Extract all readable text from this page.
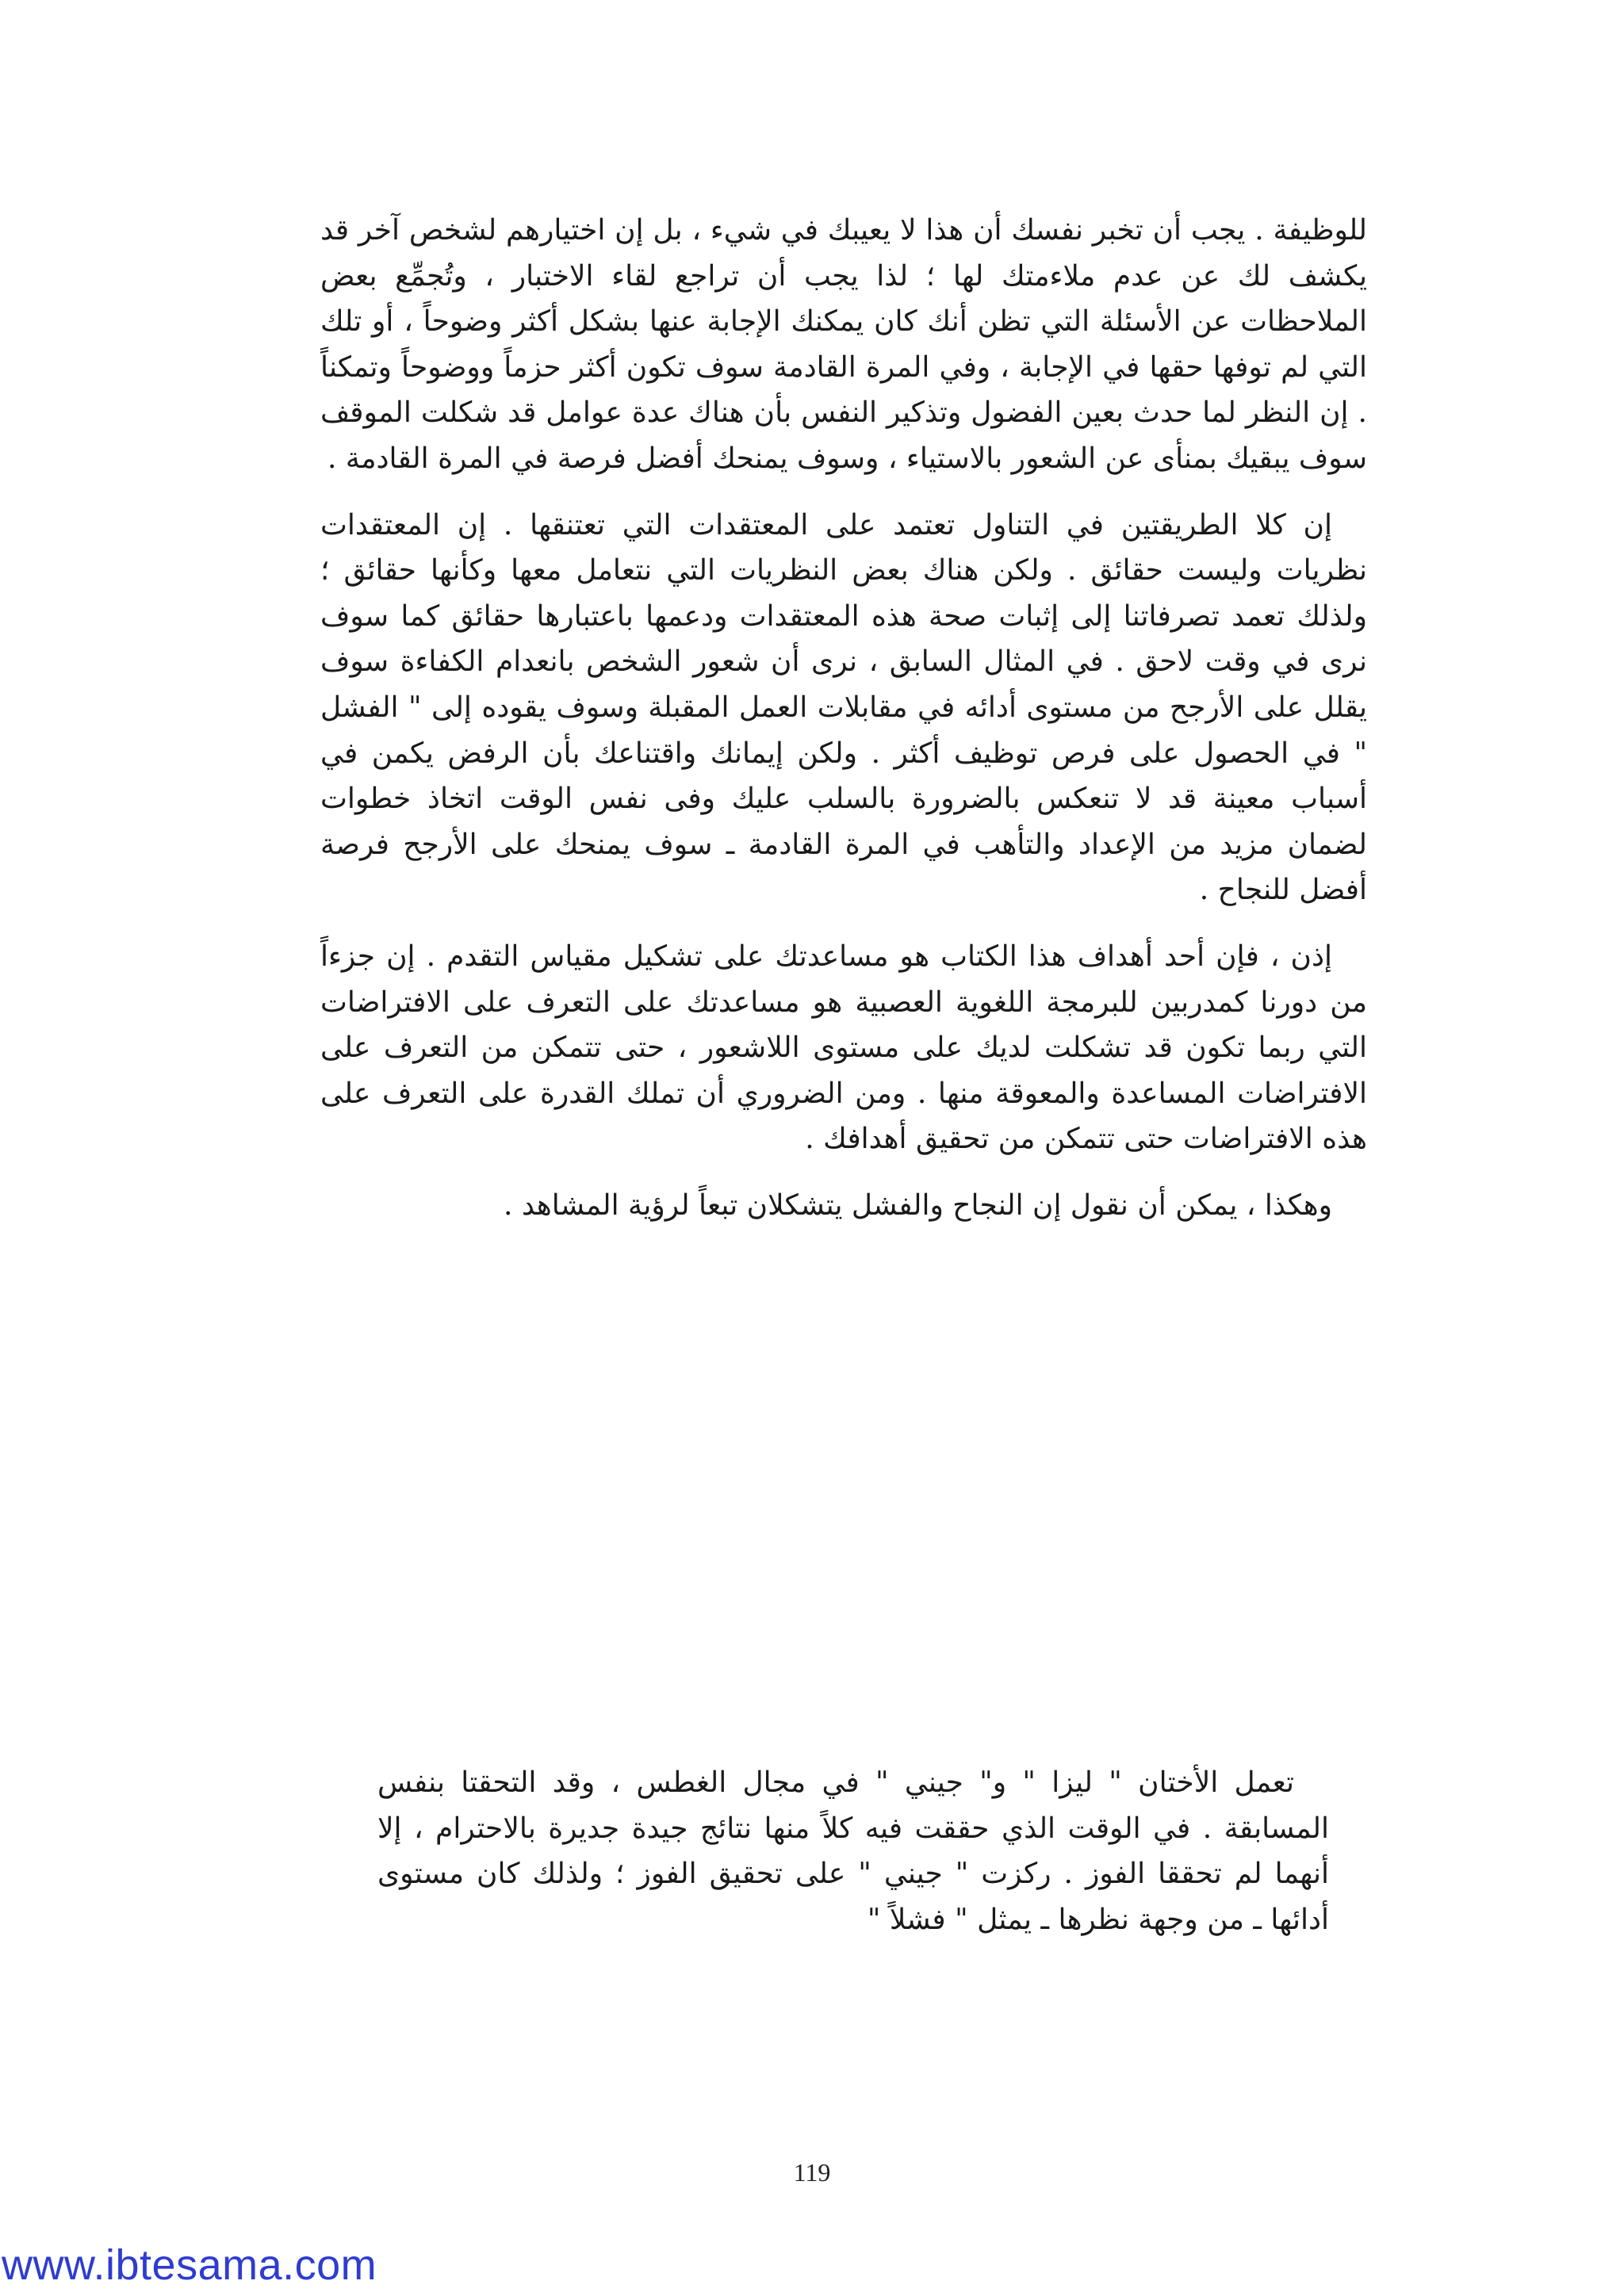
للوظيفة . يجب أن تخبر نفسك أن هذا لا يعيبك في شيء ، بل إن اختيارهم لشخص آخر قد يكشف لك عن عدم ملاءمتك لها ؛ لذا يجب أن تراجع لقاء الاختبار ، وتُجمِّع بعض الملاحظات عن الأسئلة التي تظن أنك كان يمكنك الإجابة عنها بشكل أكثر وضوحاً ، أو تلك التي لم توفها حقها في الإجابة ، وفي المرة القادمة سوف تكون أكثر حزماً ووضوحاً وتمكناً . إن النظر لما حدث بعين الفضول وتذكير النفس بأن هناك عدة عوامل قد شكلت الموقف سوف يبقيك بمنأى عن الشعور بالاستياء ، وسوف يمنحك أفضل فرصة في المرة القادمة .

إن كلا الطريقتين في التناول تعتمد على المعتقدات التي تعتنقها . إن المعتقدات نظريات وليست حقائق . ولكن هناك بعض النظريات التي نتعامل معها وكأنها حقائق ؛ ولذلك تعمد تصرفاتنا إلى إثبات صحة هذه المعتقدات ودعمها باعتبارها حقائق كما سوف نرى في وقت لاحق . في المثال السابق ، نرى أن شعور الشخص بانعدام الكفاءة سوف يقلل على الأرجح من مستوى أدائه في مقابلات العمل المقبلة وسوف يقوده إلى " الفشل " في الحصول على فرص توظيف أكثر . ولكن إيمانك واقتناعك بأن الرفض يكمن في أسباب معينة قد لا تنعكس بالضرورة بالسلب عليك وفى نفس الوقت اتخاذ خطوات لضمان مزيد من الإعداد والتأهب في المرة القادمة ـ سوف يمنحك على الأرجح فرصة أفضل للنجاح .

إذن ، فإن أحد أهداف هذا الكتاب هو مساعدتك على تشكيل مقياس التقدم . إن جزءاً من دورنا كمدربين للبرمجة اللغوية العصبية هو مساعدتك على التعرف على الافتراضات التي ربما تكون قد تشكلت لديك على مستوى اللاشعور ، حتى تتمكن من التعرف على الافتراضات المساعدة والمعوقة منها . ومن الضروري أن تملك القدرة على التعرف على هذه الافتراضات حتى تتمكن من تحقيق أهدافك .

وهكذا ، يمكن أن نقول إن النجاح والفشل يتشكلان تبعاً لرؤية المشاهد .

تعمل الأختان " ليزا " و" جيني " في مجال الغطس ، وقد التحقتا بنفس المسابقة . في الوقت الذي حققت فيه كلاً منها نتائج جيدة جديرة بالاحترام ، إلا أنهما لم تحققا الفوز . ركزت " جيني " على تحقيق الفوز ؛ ولذلك كان مستوى أدائها ـ من وجهة نظرها ـ يمثل " فشلاً "

119
www.ibtesama.com
